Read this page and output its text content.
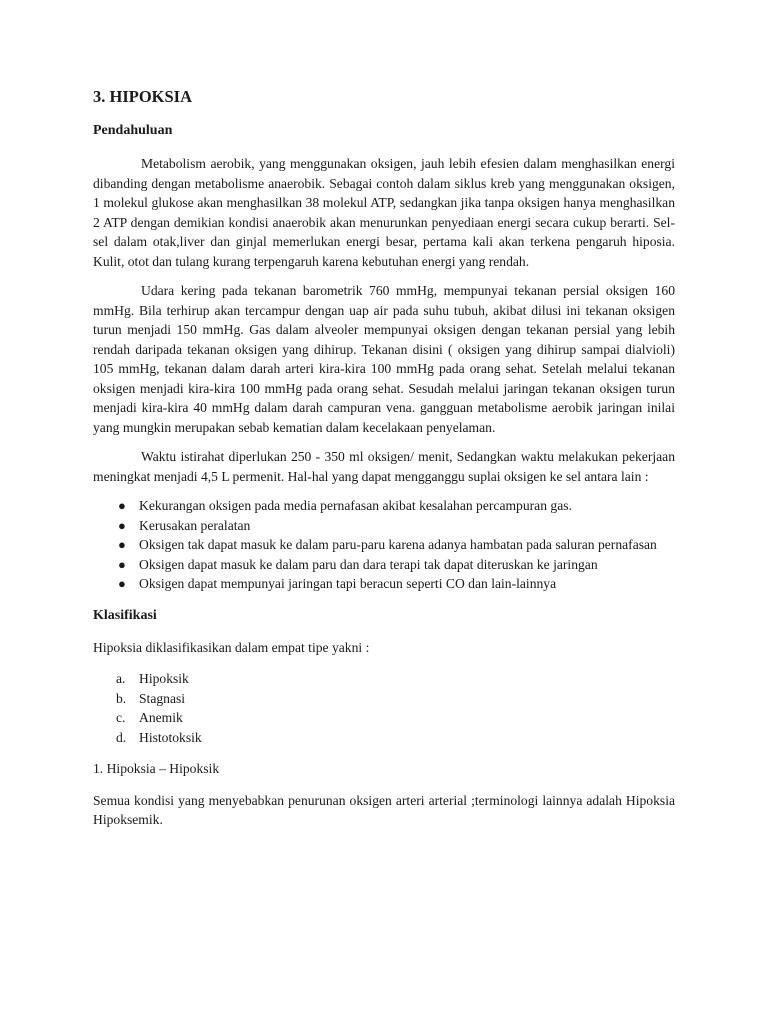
3. HIPOKSIA
Pendahuluan

Metabolism aerobik, yang menggunakan oksigen, jauh lebih efesien dalam menghasilkan energi dibanding dengan metabolisme anaerobik. Sebagai contoh dalam siklus kreb yang menggunakan oksigen, 1 molekul glukose akan menghasilkan 38 molekul ATP, sedangkan jika tanpa oksigen hanya menghasilkan 2 ATP dengan demikian kondisi anaerobik akan menurunkan penyediaan energi secara cukup berarti. Sel-sel dalam otak,liver dan ginjal memerlukan energi besar, pertama kali akan terkena pengaruh hiposia. Kulit, otot dan tulang kurang terpengaruh karena kebutuhan energi yang rendah.

Udara kering pada tekanan barometrik 760 mmHg, mempunyai tekanan persial oksigen 160 mmHg. Bila terhirup akan tercampur dengan uap air pada suhu tubuh, akibat dilusi ini tekanan oksigen turun menjadi 150 mmHg. Gas dalam alveoler mempunyai oksigen dengan tekanan persial yang lebih rendah daripada tekanan oksigen yang dihirup. Tekanan disini ( oksigen yang dihirup sampai dialvioli) 105 mmHg, tekanan dalam darah arteri kira-kira 100 mmHg pada orang sehat. Setelah melalui tekanan oksigen menjadi kira-kira 100 mmHg pada orang sehat. Sesudah melalui jaringan tekanan oksigen turun menjadi kira-kira 40 mmHg dalam darah campuran vena. gangguan metabolisme aerobik jaringan inilai yang mungkin merupakan sebab kematian dalam kecelakaan penyelaman.

Waktu istirahat diperlukan 250 - 350 ml oksigen/ menit, Sedangkan waktu melakukan pekerjaan meningkat menjadi 4,5 L permenit. Hal-hal yang dapat mengganggu suplai oksigen ke sel antara lain :

● Kekurangan oksigen pada media pernafasan akibat kesalahan percampuran gas.
● Kerusakan peralatan
● Oksigen tak dapat masuk ke dalam paru-paru karena adanya hambatan pada saluran pernafasan
● Oksigen dapat masuk ke dalam paru dan dara terapi tak dapat diteruskan ke jaringan
● Oksigen dapat mempunyai jaringan tapi beracun seperti CO dan lain-lainnya
Klasifikasi

Hipoksia diklasifikasikan dalam empat tipe yakni :

a. Hipoksik
b. Stagnasi
c. Anemik
d. Histotoksik

1. Hipoksia – Hipoksik

Semua kondisi yang menyebabkan penurunan oksigen arteri arterial ;terminologi lainnya adalah Hipoksia Hipoksemik.
